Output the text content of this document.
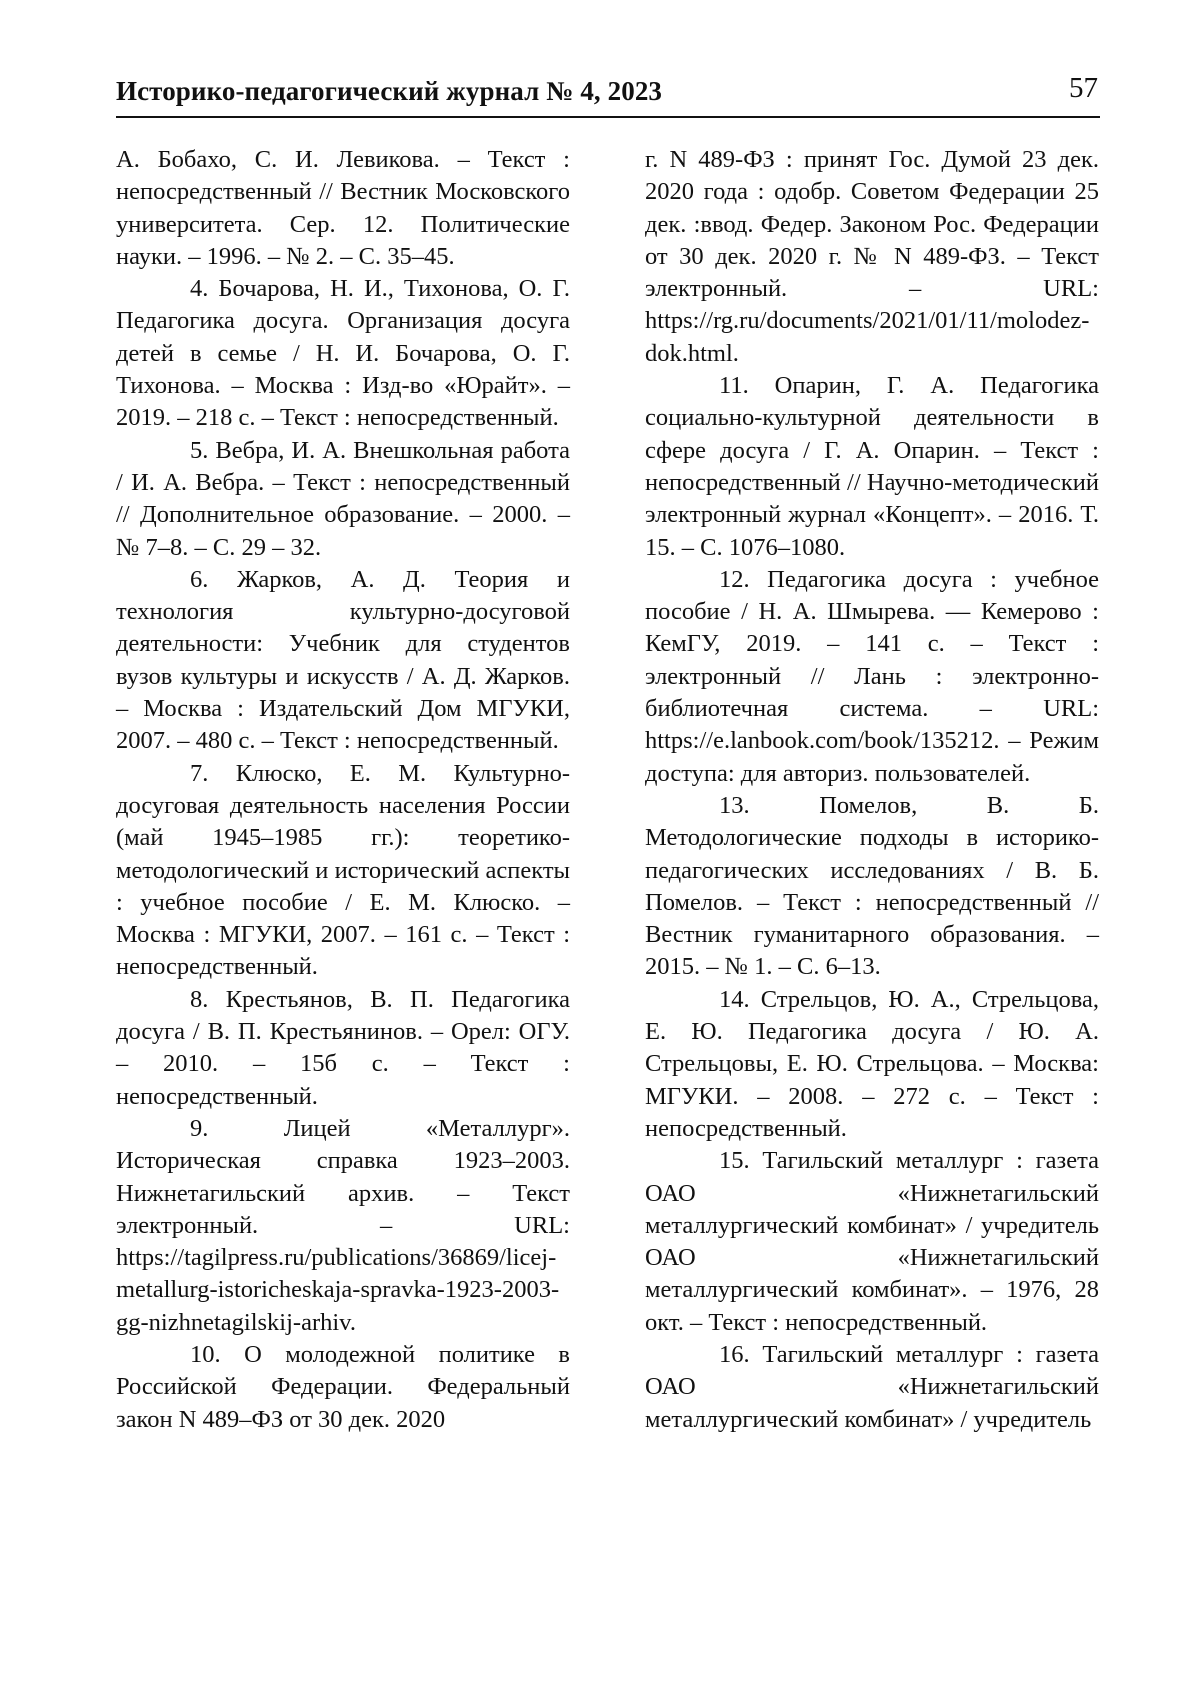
Историко-педагогический журнал № 4, 2023	57

А. Бобахо, С. И. Левикова. – Текст : непосредственный // Вестник Московского университета. Сер. 12. Политические науки. – 1996. – № 2. – С. 35–45.

4. Бочарова, Н. И., Тихонова, О. Г. Педагогика досуга. Организация досуга детей в семье / Н. И. Бочарова, О. Г. Тихонова. – Москва : Изд-во «Юрайт». – 2019. – 218 с. – Текст : непосредственный.

5. Вебра, И. А. Внешкольная работа / И. А. Вебра. – Текст : непосредственный // Дополнительное образование. – 2000. – № 7–8. – С. 29 – 32.

6. Жарков, А. Д. Теория и технология культурно-досуговой деятельности: Учебник для студентов вузов культуры и искусств / А. Д. Жарков. – Москва : Издательский Дом МГУКИ, 2007. – 480 с. – Текст : непосредственный.

7. Клюско, Е. М. Культурно-досуговая деятельность населения России (май 1945–1985 гг.): теоретико-методологический и исторический аспекты : учебное пособие / Е. М. Клюско. – Москва : МГУКИ, 2007. – 161 с. – Текст : непосредственный.

8. Крестьянов, В. П. Педагогика досуга / В. П. Крестьянинов. – Орел: ОГУ. – 2010. – 15б с. – Текст : непосредственный.

9. Лицей «Металлург». Историческая справка 1923–2003. Нижнетагильский архив. – Текст электронный. – URL: https://tagilpress.ru/publications/36869/licej-metallurg-istoricheskaja-spravka-1923-2003-gg-nizhnetagilskij-arhiv.

10. О молодежной политике в Российской Федерации. Федеральный закон N 489–ФЗ от 30 дек. 2020

г. N 489-ФЗ : принят Гос. Думой 23 дек. 2020 года : одобр. Советом Федерации 25 дек. :ввод. Федер. Законом Рос. Федерации от 30 дек. 2020 г. № N 489-ФЗ. – Текст электронный. – URL: https://rg.ru/documents/2021/01/11/molodez-dok.html.

11. Опарин, Г. А. Педагогика социально-культурной деятельности в сфере досуга / Г. А. Опарин. – Текст : непосредственный // Научно-методический электронный журнал «Концепт». – 2016. Т. 15. – С. 1076–1080.

12. Педагогика досуга : учебное пособие / Н. А. Шмырева. — Кемерово : КемГУ, 2019. – 141 с. – Текст : электронный // Лань : электронно-библиотечная система. – URL: https://e.lanbook.com/book/135212. – Режим доступа: для авториз. пользователей.

13. Помелов, В. Б. Методологические подходы в историко-педагогических исследованиях / В. Б. Помелов. – Текст : непосредственный // Вестник гуманитарного образования. – 2015. – № 1. – С. 6–13.

14. Стрельцов, Ю. А., Стрельцова, Е. Ю. Педагогика досуга / Ю. А. Стрельцовы, Е. Ю. Стрельцова. – Москва: МГУКИ. – 2008. – 272 с. – Текст : непосредственный.

15. Тагильский металлург : газета ОАО «Нижнетагильский металлургический комбинат» / учредитель ОАО «Нижнетагильский металлургический комбинат». – 1976, 28 окт. – Текст : непосредственный.

16. Тагильский металлург : газета ОАО «Нижнетагильский металлургический комбинат» / учредитель
